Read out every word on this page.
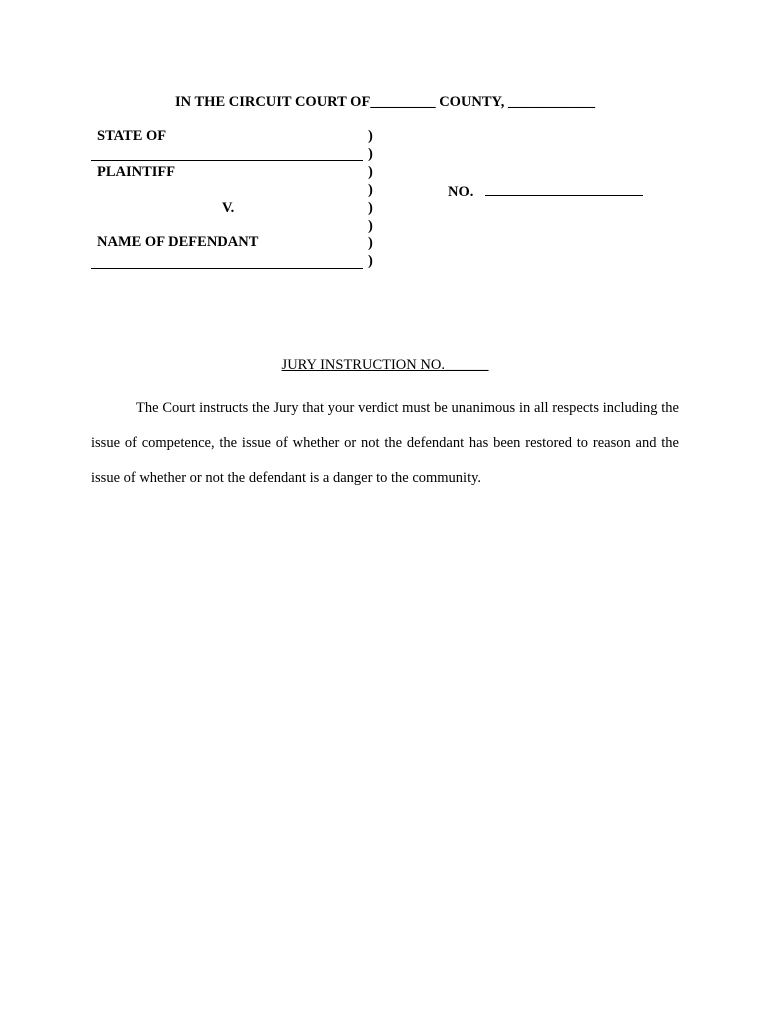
IN THE CIRCUIT COURT OF_________ COUNTY, ____________
STATE OF
PLAINTIFF
V.
NAME OF DEFENDANT
)
)
)
)
)
)
)
)
NO.
JURY INSTRUCTION NO.______
The Court instructs the Jury that your verdict must be unanimous in all respects including the issue of competence, the issue of whether or not the defendant has been restored to reason and the issue of whether or not the defendant is a danger to the community.
